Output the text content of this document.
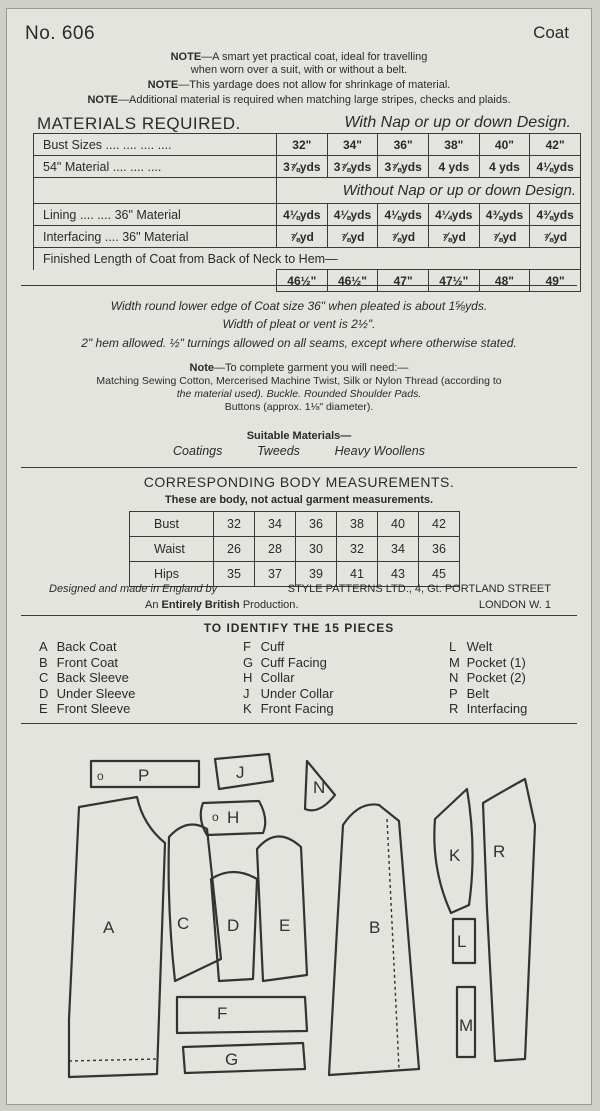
No. 606	Coat
NOTE—A smart yet practical coat, ideal for travelling when worn over a suit, with or without a belt.
NOTE—This yardage does not allow for shrinkage of material.
NOTE—Additional material is required when matching large stripes, checks and plaids.
MATERIALS REQUIRED.	With Nap or up or down Design.
Bust Sizes .... .... .... ....	32"	34"	36"	38"	40"	42"
54" Material .... .... ....	3⅞yds	3⅞yds	3⅞yds	4 yds	4 yds	4⅛yds
	Without Nap or up or down Design.					
Lining .... .... 36" Material	4⅛yds	4⅛yds	4⅛yds	4¼yds	4⅜yds	4⅜yds
Interfacing .... 36" Material	⅞yd	⅞yd	⅞yd	⅞yd	⅞yd	⅞yd
Finished Length of Coat from Back of Neck to Hem—						
	46½"	46½"	47"	47½"	48"	49"
Width round lower edge of Coat size 36" when pleated is about 1⅝yds.
Width of pleat or vent is 2½".
2" hem allowed. ½" turnings allowed on all seams, except where otherwise stated.
Note—To complete garment you will need:—
Matching Sewing Cotton, Mercerised Machine Twist, Silk or Nylon Thread (according to
the material used). Buckle. Rounded Shoulder Pads.
Buttons (approx. 1⅛" diameter).
Suitable Materials—
Coatings          Tweeds          Heavy Woollens
CORRESPONDING BODY MEASUREMENTS.
These are body, not actual garment measurements.
Bust	32	34	36	38	40	42
Waist	26	28	30	32	34	36
Hips	35	37	39	41	43	45
Designed and made in England by	STYLE PATTERNS LTD., 4, Gt. PORTLAND STREET
An Entirely British Production.	LONDON W. 1
TO IDENTIFY THE 15 PIECES
A Back Coat
B Front Coat
C Back Sleeve
D Under Sleeve
E Front Sleeve
F Cuff
G Cuff Facing
H Collar
J Under Collar
K Front Facing
L Welt
M Pocket (1)
N Pocket (2)
P Belt
R Interfacing
o P	J
N
o H
A	C D E
F
G
B
K R
L
M
